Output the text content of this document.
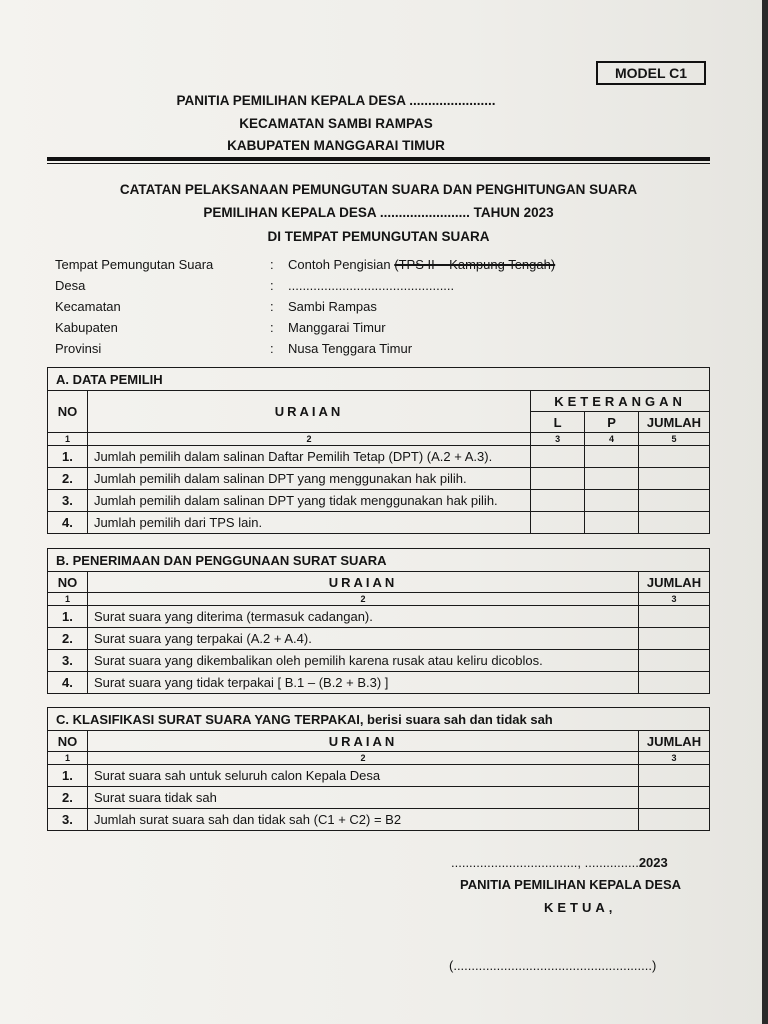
MODEL C1
PANITIA PEMILIHAN KEPALA DESA .......................
KECAMATAN SAMBI RAMPAS
KABUPATEN MANGGARAI TIMUR
CATATAN PELAKSANAAN PEMUNGUTAN SUARA DAN PENGHITUNGAN SUARA
PEMILIHAN KEPALA DESA ........................ TAHUN 2023
DI TEMPAT PEMUNGUTAN SUARA
Tempat Pemungutan Suara	: Contoh Pengisian (TPS II – Kampung Tengah)
Desa	: ..............................................
Kecamatan	: Sambi Rampas
Kabupaten	: Manggarai Timur
Provinsi	: Nusa Tenggara Timur
A. DATA PEMILIH				
NO	URAIAN	KETERANGAN		
		L	P	JUMLAH
1	2	3	4	5
1.	Jumlah pemilih dalam salinan Daftar Pemilih Tetap (DPT) (A.2 + A.3).			
2.	Jumlah pemilih dalam salinan DPT yang menggunakan hak pilih.			
3.	Jumlah pemilih dalam salinan DPT yang tidak menggunakan hak pilih.			
4.	Jumlah pemilih dari TPS lain.			
B. PENERIMAAN DAN PENGGUNAAN SURAT SUARA		
NO	URAIAN	JUMLAH
1	2	3
1.	Surat suara yang diterima (termasuk cadangan).	
2.	Surat suara yang terpakai (A.2 + A.4).	
3.	Surat suara yang dikembalikan oleh pemilih karena rusak atau keliru dicoblos.	
4.	Surat suara yang tidak terpakai [ B.1 – (B.2 + B.3) ]	
C. KLASIFIKASI SURAT SUARA YANG TERPAKAI, berisi suara sah dan tidak sah		
NO	URAIAN	JUMLAH
1	2	3
1.	Surat suara sah untuk seluruh calon Kepala Desa	
2.	Surat suara tidak sah	
3.	Jumlah surat suara sah dan tidak sah (C1 + C2) = B2	
..................................., ...............2023
PANITIA PEMILIHAN KEPALA DESA
KETUA,
(.......................................................)
